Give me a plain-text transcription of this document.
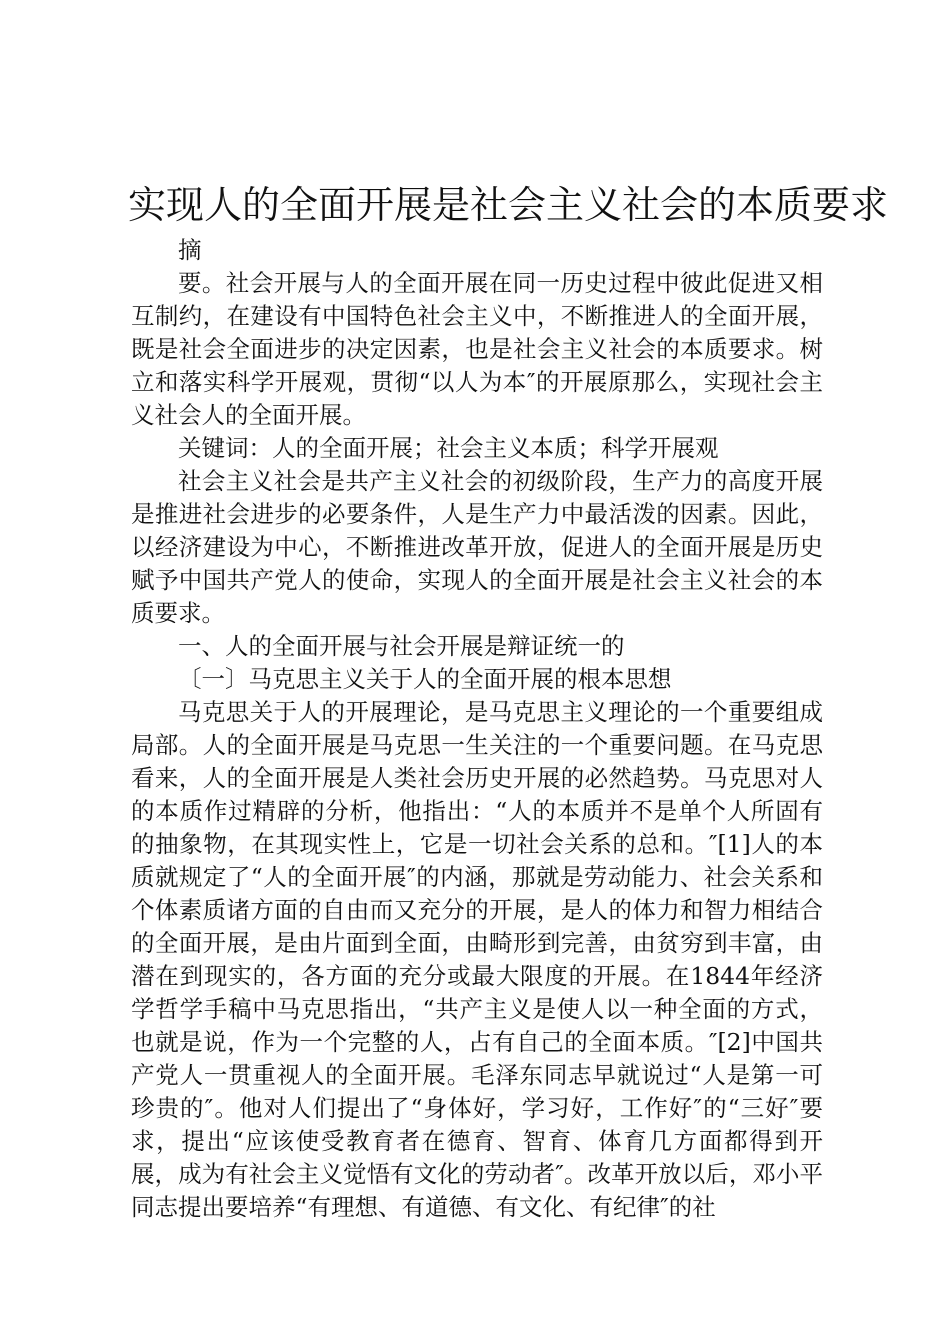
实现人的全面开展是社会主义社会的本质要求

摘

要。社会开展与人的全面开展在同一历史过程中彼此促进又相互制约，在建设有中国特色社会主义中，不断推进人的全面开展，既是社会全面进步的决定因素，也是社会主义社会的本质要求。树立和落实科学开展观，贯彻“以人为本″的开展原那么，实现社会主义社会人的全面开展。

关键词：人的全面开展；社会主义本质；科学开展观

社会主义社会是共产主义社会的初级阶段，生产力的高度开展是推进社会进步的必要条件，人是生产力中最活泼的因素。因此，以经济建设为中心，不断推进改革开放，促进人的全面开展是历史赋予中国共产党人的使命，实现人的全面开展是社会主义社会的本质要求。

一、人的全面开展与社会开展是辩证统一的

〔一〕马克思主义关于人的全面开展的根本思想

马克思关于人的开展理论，是马克思主义理论的一个重要组成局部。人的全面开展是马克思一生关注的一个重要问题。在马克思看来，人的全面开展是人类社会历史开展的必然趋势。马克思对人的本质作过精辟的分析，他指出：“人的本质并不是单个人所固有的抽象物，在其现实性上，它是一切社会关系的总和。″[1]人的本质就规定了“人的全面开展″的内涵，那就是劳动能力、社会关系和个体素质诸方面的自由而又充分的开展，是人的体力和智力相结合的全面开展，是由片面到全面，由畸形到完善，由贫穷到丰富，由潜在到现实的，各方面的充分或最大限度的开展。在1844年经济学哲学手稿中马克思指出，“共产主义是使人以一种全面的方式，也就是说，作为一个完整的人，占有自己的全面本质。″[2]中国共产党人一贯重视人的全面开展。毛泽东同志早就说过“人是第一可珍贵的″。他对人们提出了“身体好，学习好，工作好″的“三好″要求，提出“应该使受教育者在德育、智育、体育几方面都得到开展，成为有社会主义觉悟有文化的劳动者″。改革开放以后，邓小平同志提出要培养“有理想、有道德、有文化、有纪律″的社
